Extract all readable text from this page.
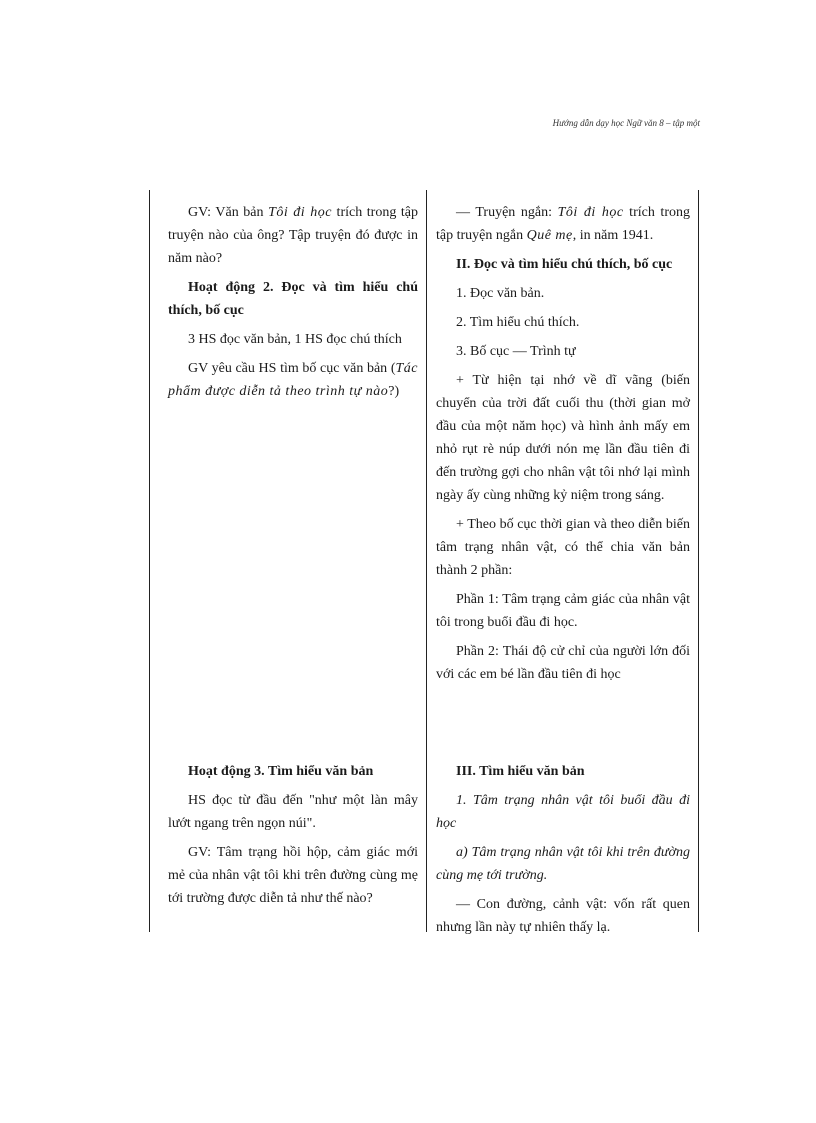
Hướng dẫn dạy học Ngữ văn 8 – tập một

GV: Văn bản Tôi đi học trích trong tập truyện nào của ông? Tập truyện đó được in năm nào?

Hoạt động 2. Đọc và tìm hiểu chú thích, bố cục

3 HS đọc văn bản, 1 HS đọc chú thích

GV yêu cầu HS tìm bố cục văn bản (Tác phẩm được diễn tả theo trình tự nào?)

— Truyện ngắn: Tôi đi học trích trong tập truyện ngắn Quê mẹ, in năm 1941.

II. Đọc và tìm hiểu chú thích, bố cục

1. Đọc văn bản.

2. Tìm hiểu chú thích.

3. Bố cục — Trình tự

+ Từ hiện tại nhớ về dĩ vãng (biến chuyển của trời đất cuối thu (thời gian mở đầu của một năm học) và hình ảnh mấy em nhỏ rụt rè núp dưới nón mẹ lần đầu tiên đi đến trường gợi cho nhân vật tôi nhớ lại mình ngày ấy cùng những kỷ niệm trong sáng.

+ Theo bố cục thời gian và theo diễn biến tâm trạng nhân vật, có thể chia văn bản thành 2 phần:

Phần 1: Tâm trạng cảm giác của nhân vật tôi trong buổi đầu đi học.

Phần 2: Thái độ cử chỉ của người lớn đối với các em bé lần đầu tiên đi học

Hoạt động 3. Tìm hiểu văn bản

HS đọc từ đầu đến "như một làn mây lướt ngang trên ngọn núi".

GV: Tâm trạng hồi hộp, cảm giác mới mẻ của nhân vật tôi khi trên đường cùng mẹ tới trường được diễn tả như thế nào?

III. Tìm hiểu văn bản

1. Tâm trạng nhân vật tôi buổi đầu đi học

a) Tâm trạng nhân vật tôi khi trên đường cùng mẹ tới trường.

— Con đường, cảnh vật: vốn rất quen nhưng lần này tự nhiên thấy lạ.
